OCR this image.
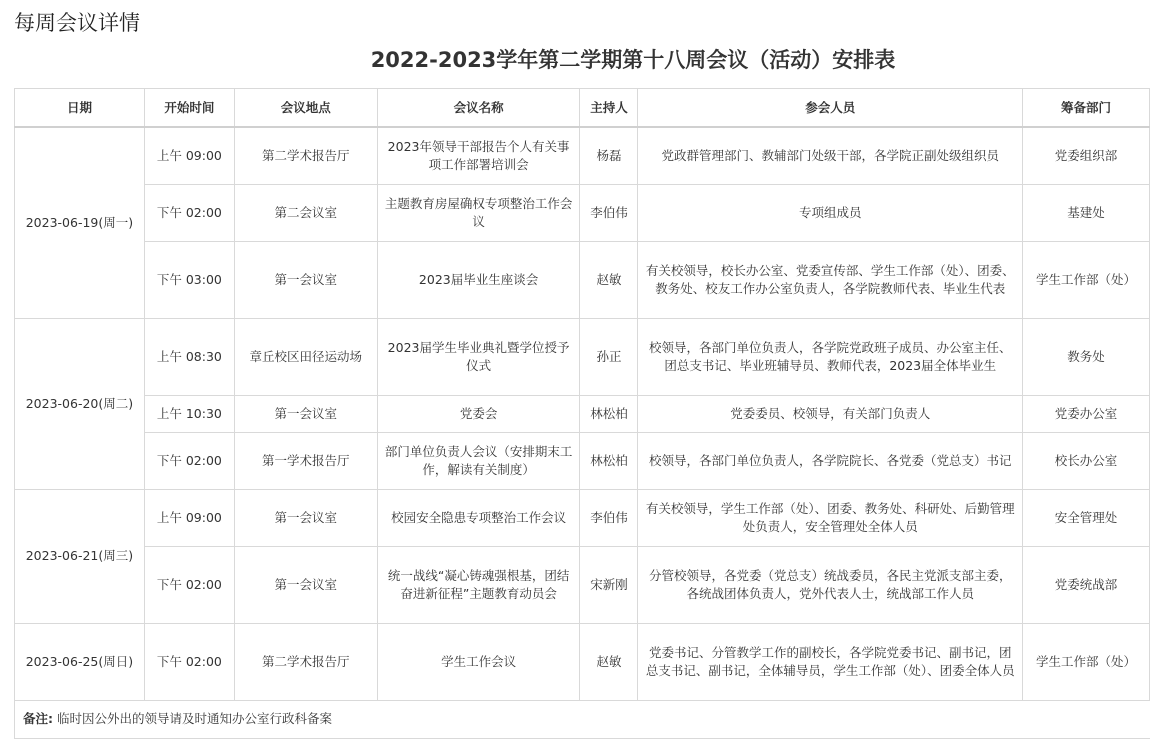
每周会议详情
2022-2023学年第二学期第十八周会议（活动）安排表
日期	开始时间	会议地点	会议名称	主持人	参会人员	筹备部门
2023-06-19(周一)	上午 09:00	第二学术报告厅	2023年领导干部报告个人有关事项工作部署培训会	杨磊	党政群管理部门、教辅部门处级干部，各学院正副处级组织员	党委组织部
	下午 02:00	第二会议室	主题教育房屋确权专项整治工作会议	李伯伟	专项组成员	基建处
	下午 03:00	第一会议室	2023届毕业生座谈会	赵敏	有关校领导，校长办公室、党委宣传部、学生工作部（处）、团委、教务处、校友工作办公室负责人，各学院教师代表、毕业生代表	学生工作部（处）
2023-06-20(周二)	上午 08:30	章丘校区田径运动场	2023届学生毕业典礼暨学位授予仪式	孙正	校领导，各部门单位负责人，各学院党政班子成员、办公室主任、团总支书记、毕业班辅导员、教师代表，2023届全体毕业生	教务处
	上午 10:30	第一会议室	党委会	林松柏	党委委员、校领导，有关部门负责人	党委办公室
	下午 02:00	第一学术报告厅	部门单位负责人会议（安排期末工作，解读有关制度）	林松柏	校领导，各部门单位负责人，各学院院长、各党委（党总支）书记	校长办公室
2023-06-21(周三)	上午 09:00	第一会议室	校园安全隐患专项整治工作会议	李伯伟	有关校领导，学生工作部（处）、团委、教务处、科研处、后勤管理处负责人，安全管理处全体人员	安全管理处
	下午 02:00	第一会议室	统一战线“凝心铸魂强根基，团结奋进新征程”主题教育动员会	宋新刚	分管校领导，各党委（党总支）统战委员，各民主党派支部主委，各统战团体负责人，党外代表人士，统战部工作人员	党委统战部
2023-06-25(周日)	下午 02:00	第二学术报告厅	学生工作会议	赵敏	党委书记、分管教学工作的副校长，各学院党委书记、副书记，团总支书记、副书记，全体辅导员，学生工作部（处）、团委全体人员	学生工作部（处）
备注: 临时因公外出的领导请及时通知办公室行政科备案						
